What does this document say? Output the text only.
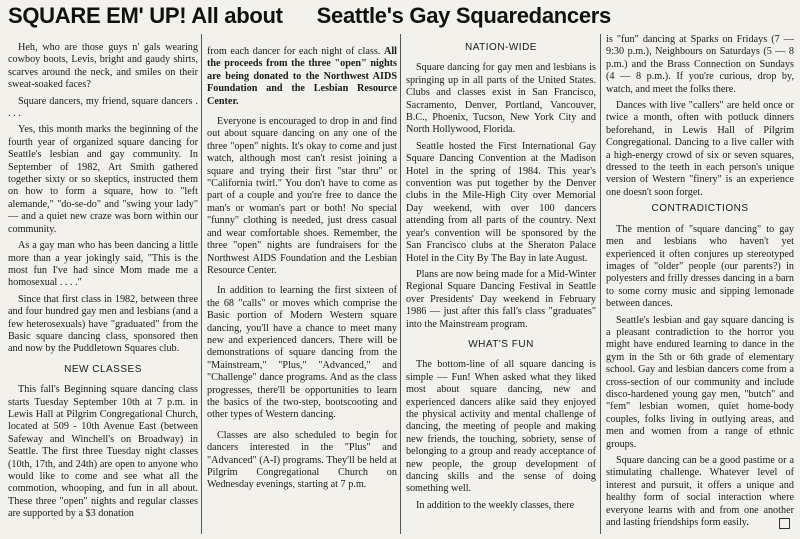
SQUARE EM' UP! All about Seattle's Gay Squaredancers

Heh, who are those guys n' gals wearing cowboy boots, Levis, bright and gaudy shirts, scarves around the neck, and smiles on their sweat-soaked faces?

Square dancers, my friend, square dancers . . . .

Yes, this month marks the beginning of the fourth year of organized square dancing for Seattle's lesbian and gay community. In September of 1982, Art Smith gathered together sixty or so skeptics, instructed them on how to form a square, how to "left alemande," "do-se-do" and "swing your lady" — and a quiet new craze was born within our community.

As a gay man who has been dancing a little more than a year jokingly said, "This is the most fun I've had since Mom made me a homosexual . . . ."

Since that first class in 1982, between three and four hundred gay men and lesbians (and a few heterosexuals) have "graduated" from the Basic square dancing class, sponsored then and now by the Puddletown Squares club.

NEW CLASSES

This fall's Beginning square dancing class starts Tuesday September 10th at 7 p.m. in Lewis Hall at Pilgrim Congregational Church, located at 509 - 10th Avenue East (between Safeway and Winchell's on Broadway) in Seattle. The first three Tuesday night classes (10th, 17th, and 24th) are open to anyone who would like to come and see what all the commotion, whooping, and fun in all about. These three "open" nights and regular classes are supported by a $3 donation

from each dancer for each night of class. All the proceeds from the three "open" nights are being donated to the Northwest AIDS Foundation and the Lesbian Resource Center.

Everyone is encouraged to drop in and find out about square dancing on any one of the three "open" nights. It's okay to come and just watch, although most can't resist joining a square and trying their first "star thru" or "California twirl." You don't have to come as part of a couple and you're free to dance the man's or woman's part or both! No special "funny" clothing is needed, just dress casual and wear comfortable shoes. Remember, the three "open" nights are fundraisers for the Northwest AIDS Foundation and the Lesbian Resource Center.

In addition to learning the first sixteen of the 68 "calls" or moves which comprise the Basic portion of Modern Western square dancing, you'll have a chance to meet many new and experienced dancers. There will be demonstrations of square dancing from the "Mainstream," "Plus," "Advanced," and "Challenge" dance programs. And as the class progresses, there'll be opportunities to learn the basics of the two-step, bootscooting and other types of Western dancing.

Classes are also scheduled to begin for dancers interested in the "Plus" and "Advanced" (A-I) programs. They'll be held at Pilgrim Congregational Church on Wednesday evenings, starting at 7 p.m.

NATION-WIDE

Square dancing for gay men and lesbians is springing up in all parts of the United States. Clubs and classes exist in San Francisco, Sacramento, Denver, Portland, Vancouver, B.C., Phoenix, Tucson, New York City and North Hollywood, Florida.

Seattle hosted the First International Gay Square Dancing Convention at the Madison Hotel in the spring of 1984. This year's convention was put together by the Denver clubs in the Mile-High City over Memorial Day weekend, with over 100 dancers attending from all parts of the country. Next year's convention will be sponsored by the San Francisco clubs at the Sheraton Palace Hotel in the City By The Bay in late August.

Plans are now being made for a Mid-Winter Regional Square Dancing Festival in Seattle over Presidents' Day weekend in February 1986 — just after this fall's class "graduates" into the Mainstream program.

WHAT'S FUN

The bottom-line of all square dancing is simple — Fun! When asked what they liked most about square dancing, new and experienced dancers alike said they enjoyed the physical activity and mental challenge of dancing, the meeting of people and making new friends, the touching, sobriety, sense of belonging to a group and ready acceptance of new people, the group development of dancing skills and the sense of doing something well.

In addition to the weekly classes, there

is "fun" dancing at Sparks on Fridays (7 — 9:30 p.m.), Neighbours on Saturdays (5 — 8 p.m.) and the Brass Connection on Sundays (4 — 8 p.m.). If you're curious, drop by, watch, and meet the folks there.

Dances with live "callers" are held once or twice a month, often with potluck dinners beforehand, in Lewis Hall of Pilgrim Congregational. Dancing to a live caller with a high-energy crowd of six or seven squares, dressed to the teeth in each person's unique version of Western "finery" is an experience one doesn't soon forget.

CONTRADICTIONS

The mention of "square dancing" to gay men and lesbians who haven't yet experienced it often conjures up stereotyped images of "older" people (our parents?) in polyesters and frilly dresses dancing in a barn to some corny music and sipping lemonade between dances.

Seattle's lesbian and gay square dancing is a pleasant contradiction to the horror you might have endured learning to dance in the gym in the 5th or 6th grade of elementary school. Gay and lesbian dancers come from a cross-section of our community and include disco-hardened young gay men, "butch" and "fem" lesbian women, quiet home-body couples, folks living in outlying areas, and men and women from a range of ethnic groups.

Square dancing can be a good pastime or a stimulating challenge. Whatever level of interest and pursuit, it offers a unique and healthy form of social interaction where everyone learns with and from one another and lasting friendships form easily.
